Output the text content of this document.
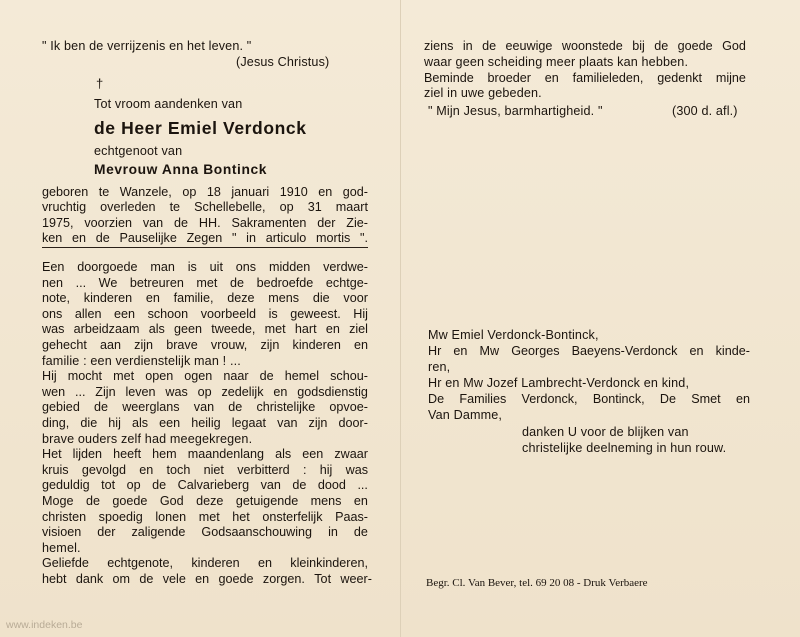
" Ik ben de verrijzenis en het leven. "
(Jesus Christus)
†
Tot vroom aandenken van
de Heer Emiel Verdonck
echtgenoot van
Mevrouw Anna Bontinck
geboren te Wanzele, op 18 januari 1910 en god-
vruchtig overleden te Schellebelle, op 31 maart
1975, voorzien van de HH. Sakramenten der Zie-
ken en de Pauselijke Zegen " in articulo mortis ".
Een doorgoede man is uit ons midden verdwe-
nen ... We betreuren met de bedroefde echtge-
note, kinderen en familie, deze mens die voor
ons allen een schoon voorbeeld is geweest. Hij
was arbeidzaam als geen tweede, met hart en ziel
gehecht aan zijn brave vrouw, zijn kinderen en
familie : een verdienstelijk man ! ...
Hij mocht met open ogen naar de hemel schou-
wen ... Zijn leven was op zedelijk en godsdienstig
gebied de weerglans van de christelijke opvoe-
ding, die hij als een heilig legaat van zijn door-
brave ouders zelf had meegekregen.
Het lijden heeft hem maandenlang als een zwaar
kruis gevolgd en toch niet verbitterd : hij was
geduldig tot op de Calvarieberg van de dood ...
Moge de goede God deze getuigende mens en
christen spoedig lonen met het onsterfelijk Paas-
visioen der zaligende Godsaanschouwing in de
hemel.
Geliefde echtgenote, kinderen en kleinkinderen,
hebt dank om de vele en goede zorgen. Tot weer-
ziens in de eeuwige woonstede bij de goede God
waar geen scheiding meer plaats kan hebben.
Beminde broeder en familieleden, gedenkt mijne
ziel in uwe gebeden.
" Mijn Jesus, barmhartigheid. "	(300 d. afl.)
Mw Emiel Verdonck-Bontinck,
Hr en Mw Georges Baeyens-Verdonck en kinde-
ren,
Hr en Mw Jozef Lambrecht-Verdonck en kind,
De Families Verdonck, Bontinck, De Smet en
Van Damme,
danken U voor de blijken van
christelijke deelneming in hun rouw.
Begr. Cl. Van Bever, tel. 69 20 08 - Druk Verbaere
www.indeken.be
